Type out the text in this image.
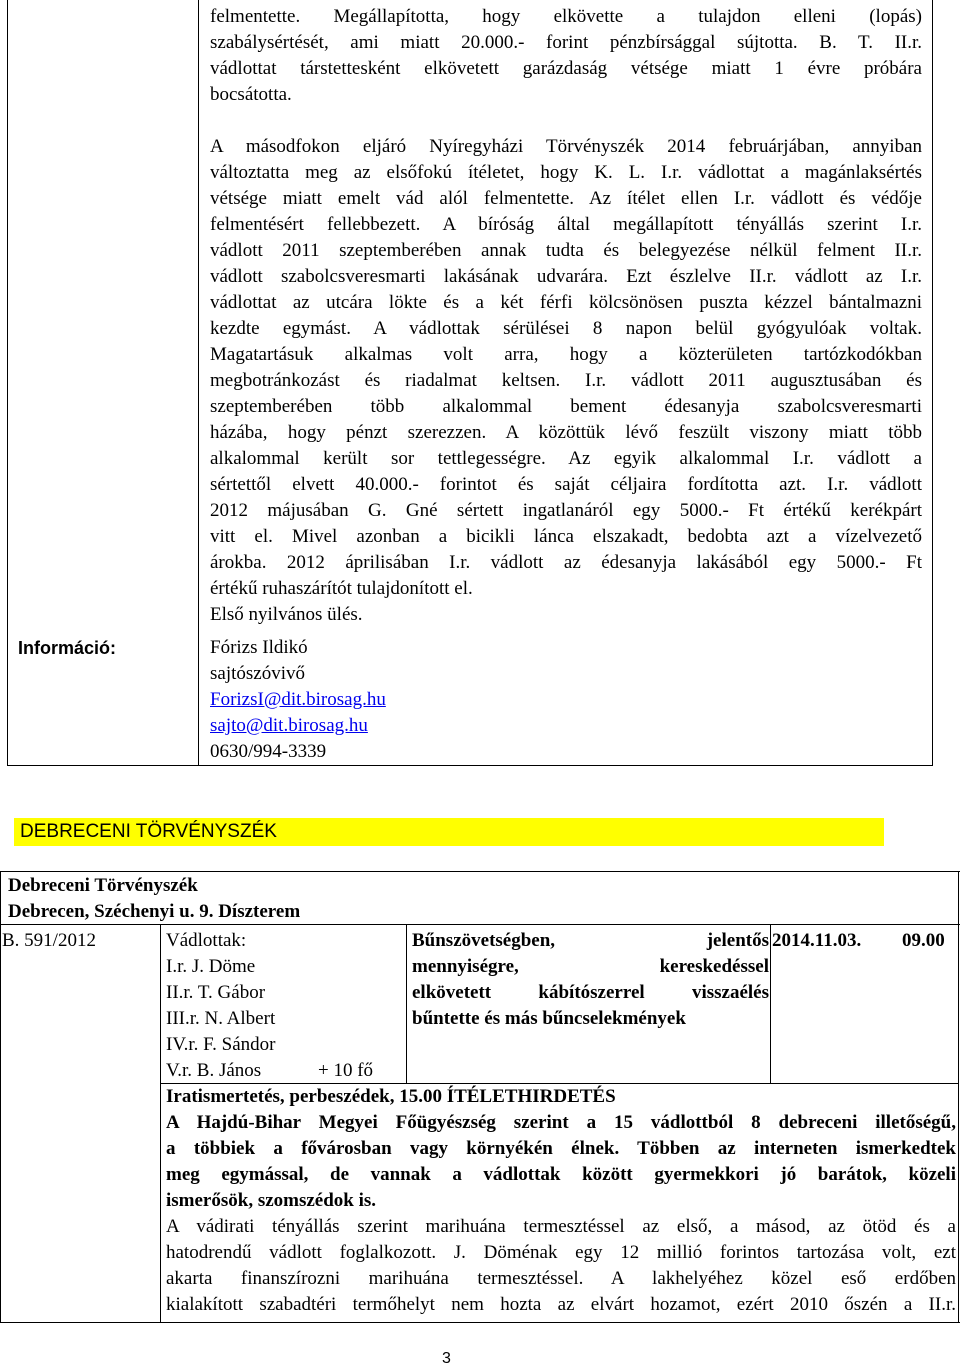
Információ:
felmentette. Megállapította, hogy elkövette a tulajdon elleni (lopás)
szabálysértését, ami miatt 20.000.- forint pénzbírsággal sújtotta. B. T. II.r.
vádlottat társtettesként elkövetett garázdaság vétsége miatt 1 évre próbára
bocsátotta.
A másodfokon eljáró Nyíregyházi Törvényszék 2014 februárjában, annyiban
változtatta meg az elsőfokú ítéletet, hogy K. L. I.r. vádlottat a magánlaksértés
vétsége miatt emelt vád alól felmentette. Az ítélet ellen I.r. vádlott és védője
felmentésért fellebbezett. A bíróság által megállapított tényállás szerint I.r.
vádlott 2011 szeptemberében annak tudta és belegyezése nélkül felment II.r.
vádlott szabolcsveresmarti lakásának udvarára. Ezt észlelve II.r. vádlott az I.r.
vádlottat az utcára lökte és a két férfi kölcsönösen puszta kézzel bántalmazni
kezdte egymást. A vádlottak sérülései 8 napon belül gyógyulóak voltak.
Magatartásuk alkalmas volt arra, hogy a közterületen tartózkodókban
megbotránkozást és riadalmat keltsen. I.r. vádlott 2011 augusztusában és
szeptemberében több alkalommal bement édesanyja szabolcsveresmarti
házába, hogy pénzt szerezzen. A közöttük lévő feszült viszony miatt több
alkalommal került sor tettlegességre. Az egyik alkalommal I.r. vádlott a
sértettől elvett 40.000.- forintot és saját céljaira fordította azt. I.r. vádlott
2012 májusában G. Gné sértett ingatlanáról egy 5000.- Ft értékű kerékpárt
vitt el. Mivel azonban a bicikli lánca elszakadt, bedobta azt a vízelvezető
árokba. 2012 áprilisában I.r. vádlott az édesanyja lakásából egy 5000.- Ft
értékű ruhaszárítót tulajdonított el.
Első nyilvános ülés.
Fórizs Ildikó
sajtószóvivő
ForizsI@dit.birosag.hu
sajto@dit.birosag.hu
0630/994-3339
DEBRECENI TÖRVÉNYSZÉK
Debreceni Törvényszék
Debrecen, Széchenyi u. 9. Díszterem
B. 591/2012	Vádlottak:
I.r. J. Döme
II.r. T. Gábor
III.r. N. Albert
IV.r. F. Sándor
V.r. B. János	+ 10 fő
Bűnszövetségben, jelentős
mennyiségre, kereskedéssel
elkövetett kábítószerrel visszaélés
bűntette és más bűncselekmények
2014.11.03. 09.00
Iratismertetés, perbeszédek, 15.00 ÍTÉLETHIRDETÉS
A Hajdú-Bihar Megyei Főügyészség szerint a 15 vádlottból 8 debreceni illetőségű,
a többiek a fővárosban vagy környékén élnek. Többen az interneten ismerkedtek
meg egymással, de vannak a vádlottak között gyermekkori jó barátok, közeli
ismerősök, szomszédok is.
A vádirati tényállás szerint marihuána termesztéssel az első, a másod, az ötöd és a
hatodrendű vádlott foglalkozott. J. Döménak egy 12 millió forintos tartozása volt, ezt
akarta finanszírozni marihuána termesztéssel. A lakhelyéhez közel eső erdőben
kialakított szabadtéri termőhelyt nem hozta az elvárt hozamot, ezért 2010 őszén a II.r.
3
